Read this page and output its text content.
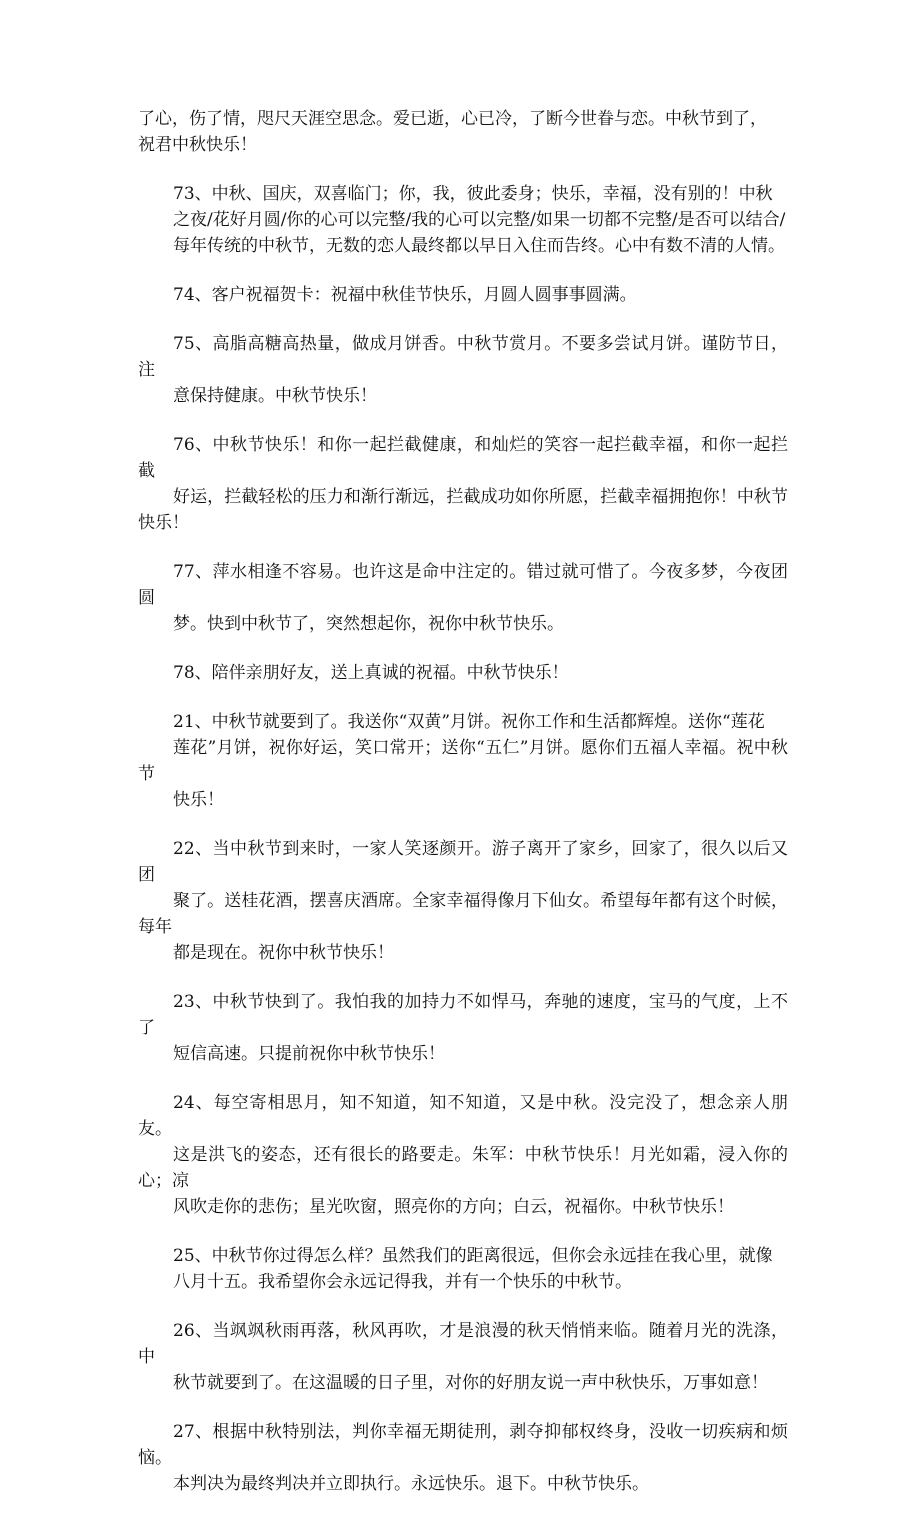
了心，伤了情，咫尺天涯空思念。爱已逝，心已冷，了断今世眷与恋。中秋节到了，
祝君中秋快乐！

73、中秋、国庆，双喜临门；你，我，彼此委身；快乐，幸福，没有别的！中秋
之夜/花好月圆/你的心可以完整/我的心可以完整/如果一切都不完整/是否可以结合/
每年传统的中秋节，无数的恋人最终都以早日入住而告终。心中有数不清的人情。

74、客户祝福贺卡：祝福中秋佳节快乐，月圆人圆事事圆满。

75、高脂高糖高热量，做成月饼香。中秋节赏月。不要多尝试月饼。谨防节日，注
意保持健康。中秋节快乐！

76、中秋节快乐！和你一起拦截健康，和灿烂的笑容一起拦截幸福，和你一起拦截
好运，拦截轻松的压力和渐行渐远，拦截成功如你所愿，拦截幸福拥抱你！中秋节快乐！

77、萍水相逢不容易。也许这是命中注定的。错过就可惜了。今夜多梦，今夜团圆
梦。快到中秋节了，突然想起你，祝你中秋节快乐。

78、陪伴亲朋好友，送上真诚的祝福。中秋节快乐！

21、中秋节就要到了。我送你“双黄”月饼。祝你工作和生活都辉煌。送你“莲花
莲花”月饼，祝你好运，笑口常开；送你“五仁”月饼。愿你们五福人幸福。祝中秋节
快乐！

22、当中秋节到来时，一家人笑逐颜开。游子离开了家乡，回家了，很久以后又团
聚了。送桂花酒，摆喜庆酒席。全家幸福得像月下仙女。希望每年都有这个时候，每年
都是现在。祝你中秋节快乐！

23、中秋节快到了。我怕我的加持力不如悍马，奔驰的速度，宝马的气度，上不了
短信高速。只提前祝你中秋节快乐！

24、每空寄相思月，知不知道，知不知道，又是中秋。没完没了，想念亲人朋友。
这是洪飞的姿态，还有很长的路要走。朱军：中秋节快乐！月光如霜，浸入你的心；凉
风吹走你的悲伤；星光吹窗，照亮你的方向；白云，祝福你。中秋节快乐！

25、中秋节你过得怎么样？虽然我们的距离很远，但你会永远挂在我心里，就像
八月十五。我希望你会永远记得我，并有一个快乐的中秋节。

26、当飒飒秋雨再落，秋风再吹，才是浪漫的秋天悄悄来临。随着月光的洗涤，中
秋节就要到了。在这温暖的日子里，对你的好朋友说一声中秋快乐，万事如意！

27、根据中秋特别法，判你幸福无期徒刑，剥夺抑郁权终身，没收一切疾病和烦恼。
本判决为最终判决并立即执行。永远快乐。退下。中秋节快乐。
